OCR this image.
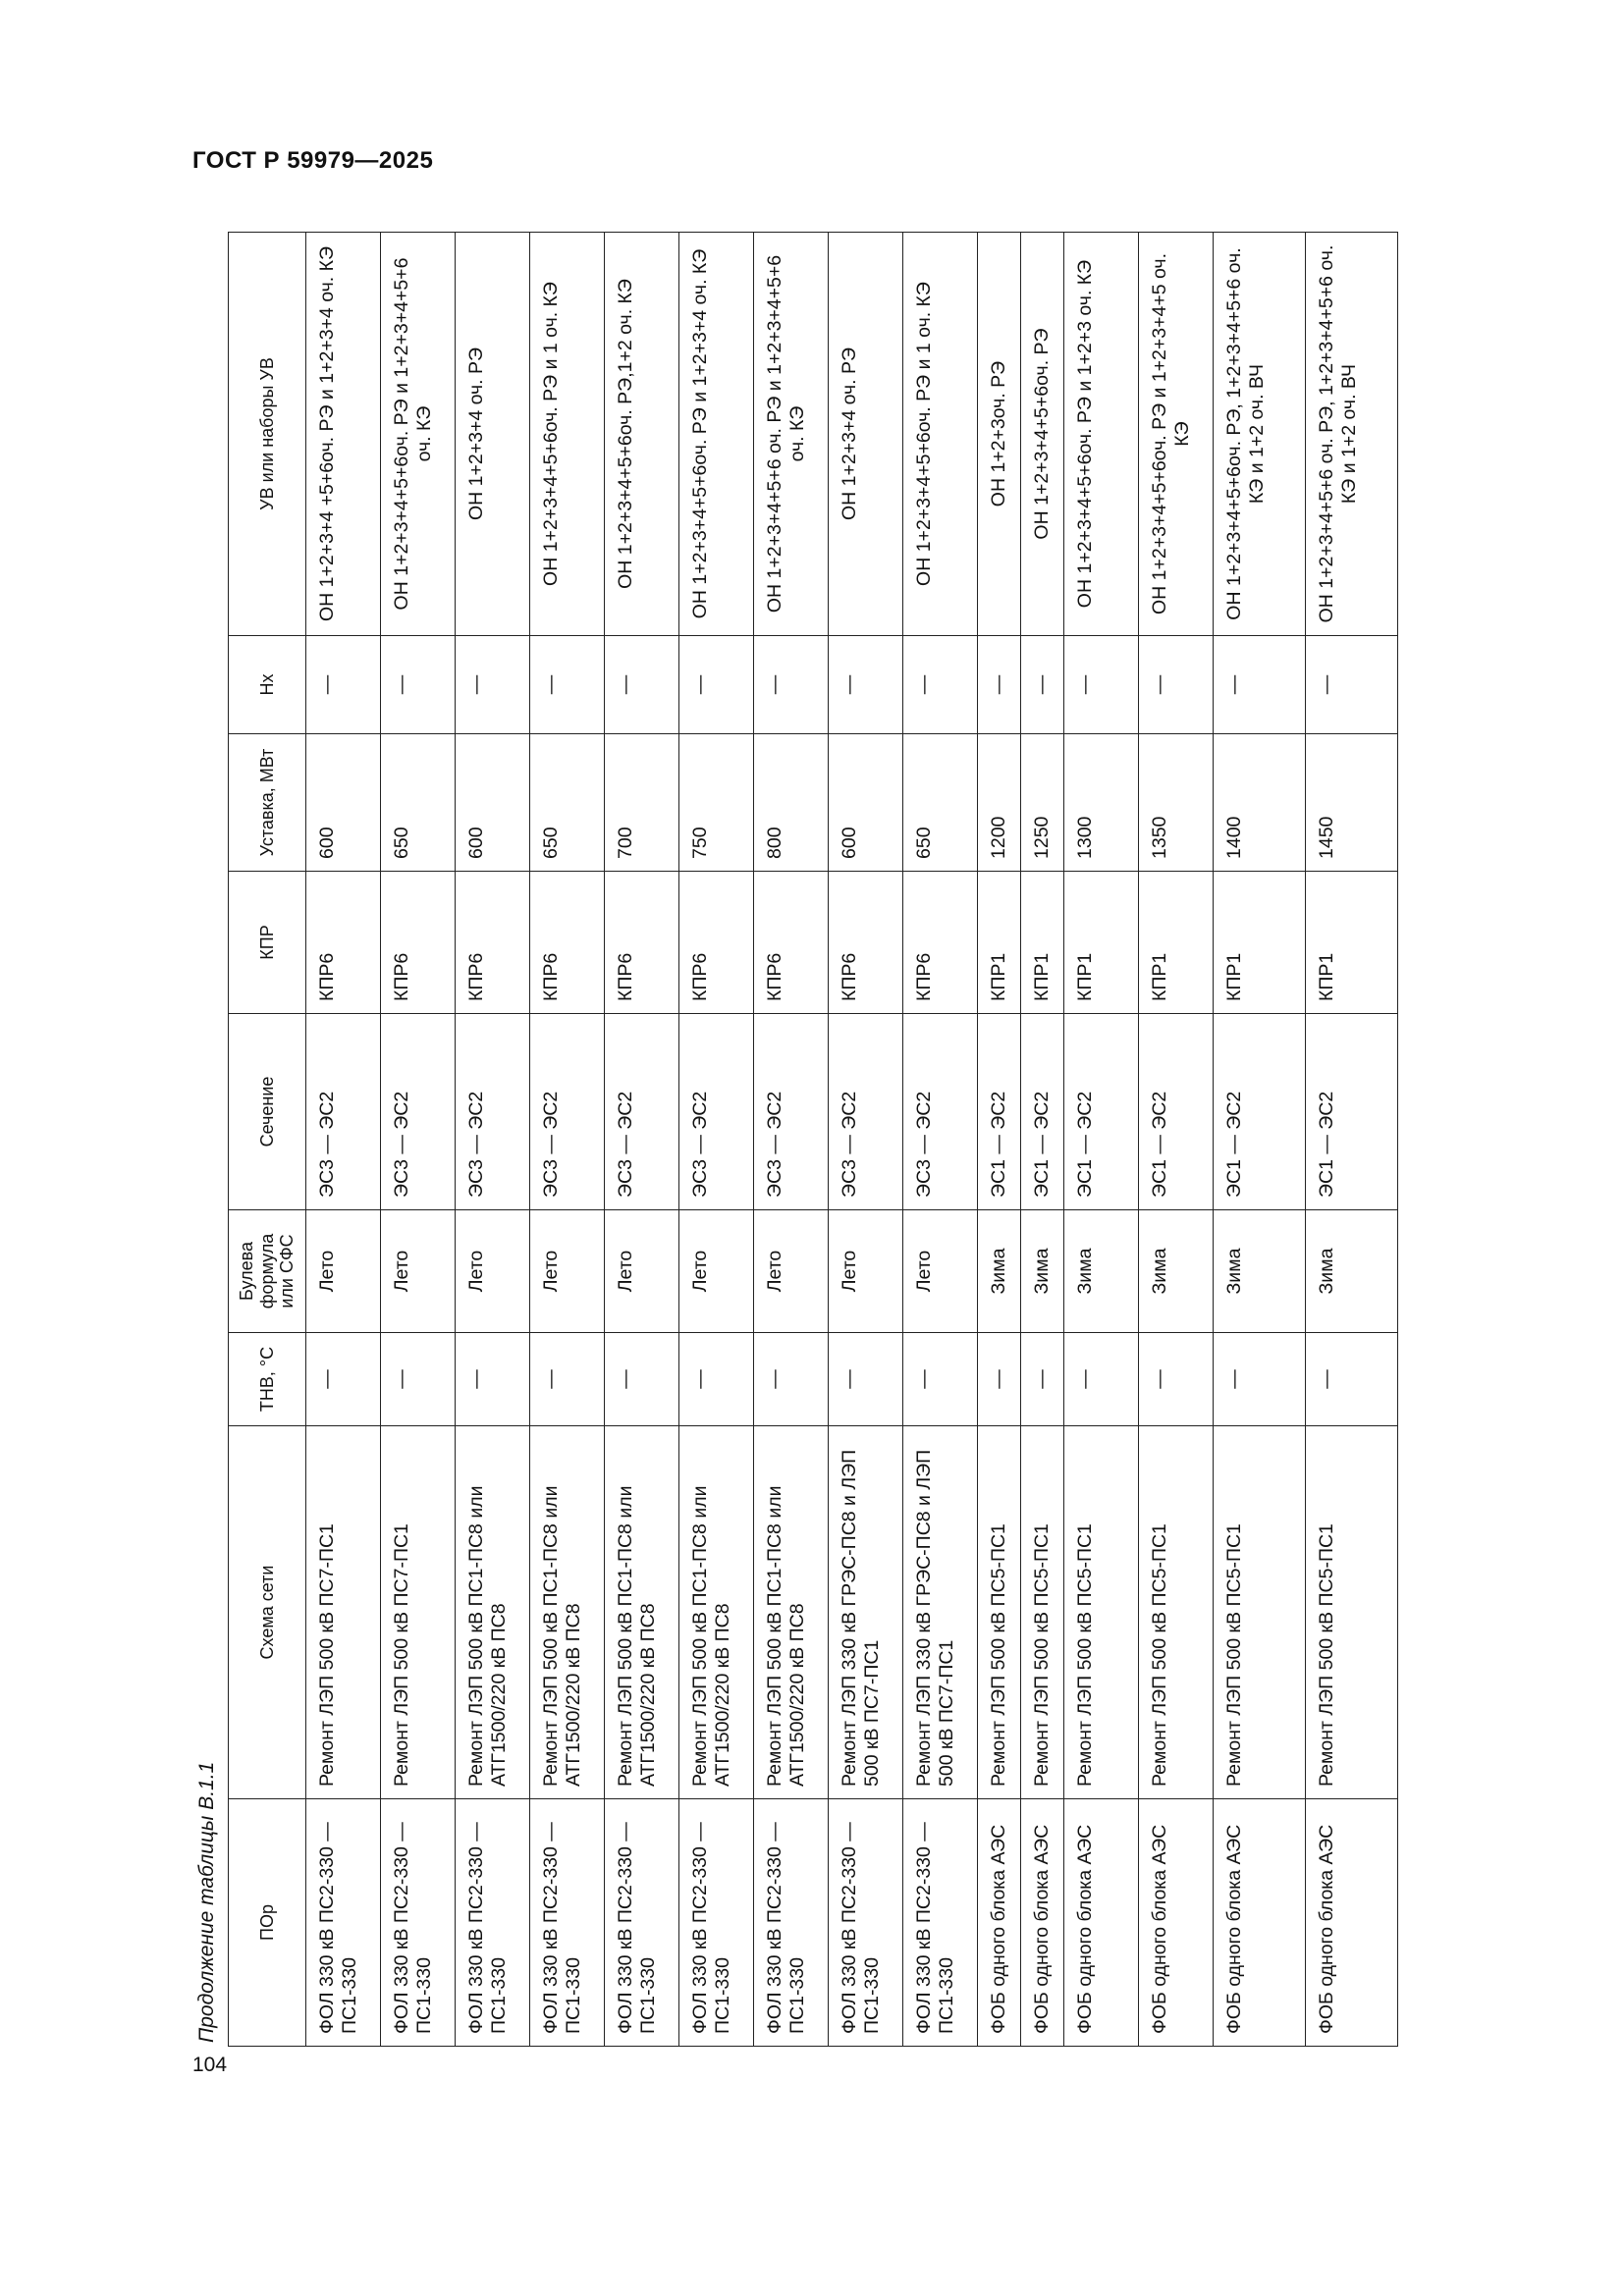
ГОСТ Р 59979—2025
Продолжение таблицы В.1.1	ПОр	Схема сети	ТНВ, °С	Булева формула или СФС	Сечение	КПР	Уставка, МВт	Нх	УВ или наборы УВ
ФОЛ 330 кВ ПС2-330 — ПС1-330	Ремонт ЛЭП 500 кВ ПС7-ПС1	—	Лето	ЭС3 — ЭС2	КПР6	600	—	ОН 1+2+3+4 +5+6оч. РЭ и 1+2+3+4 оч. КЭ
ФОЛ 330 кВ ПС2-330 — ПС1-330	Ремонт ЛЭП 500 кВ ПС7-ПС1	—	Лето	ЭС3 — ЭС2	КПР6	650	—	ОН 1+2+3+4+5+6оч. РЭ и 1+2+3+4+5+6 оч. КЭ
ФОЛ 330 кВ ПС2-330 — ПС1-330	Ремонт ЛЭП 500 кВ ПС1-ПС8 или АТГ1500/220 кВ ПС8	—	Лето	ЭС3 — ЭС2	КПР6	600	—	ОН 1+2+3+4 оч. РЭ
ФОЛ 330 кВ ПС2-330 — ПС1-330	Ремонт ЛЭП 500 кВ ПС1-ПС8 или АТГ1500/220 кВ ПС8	—	Лето	ЭС3 — ЭС2	КПР6	650	—	ОН 1+2+3+4+5+6оч. РЭ и 1 оч. КЭ
ФОЛ 330 кВ ПС2-330 — ПС1-330	Ремонт ЛЭП 500 кВ ПС1-ПС8 или АТГ1500/220 кВ ПС8	—	Лето	ЭС3 — ЭС2	КПР6	700	—	ОН 1+2+3+4+5+6оч. РЭ,1+2 оч. КЭ
ФОЛ 330 кВ ПС2-330 — ПС1-330	Ремонт ЛЭП 500 кВ ПС1-ПС8 или АТГ1500/220 кВ ПС8	—	Лето	ЭС3 — ЭС2	КПР6	750	—	ОН 1+2+3+4+5+6оч. РЭ и 1+2+3+4 оч. КЭ
ФОЛ 330 кВ ПС2-330 — ПС1-330	Ремонт ЛЭП 500 кВ ПС1-ПС8 или АТГ1500/220 кВ ПС8	—	Лето	ЭС3 — ЭС2	КПР6	800	—	ОН 1+2+3+4+5+6 оч. РЭ и 1+2+3+4+5+6 оч. КЭ
ФОЛ 330 кВ ПС2-330 — ПС1-330	Ремонт ЛЭП 330 кВ ГРЭС-ПС8 и ЛЭП 500 кВ ПС7-ПС1	—	Лето	ЭС3 — ЭС2	КПР6	600	—	ОН 1+2+3+4 оч. РЭ
ФОЛ 330 кВ ПС2-330 — ПС1-330	Ремонт ЛЭП 330 кВ ГРЭС-ПС8 и ЛЭП 500 кВ ПС7-ПС1	—	Лето	ЭС3 — ЭС2	КПР6	650	—	ОН 1+2+3+4+5+6оч. РЭ и 1 оч. КЭ
ФОБ одного блока АЭС	Ремонт ЛЭП 500 кВ ПС5-ПС1	—	Зима	ЭС1 — ЭС2	КПР1	1200	—	ОН 1+2+3оч. РЭ
ФОБ одного блока АЭС	Ремонт ЛЭП 500 кВ ПС5-ПС1	—	Зима	ЭС1 — ЭС2	КПР1	1250	—	ОН 1+2+3+4+5+6оч. РЭ
ФОБ одного блока АЭС	Ремонт ЛЭП 500 кВ ПС5-ПС1	—	Зима	ЭС1 — ЭС2	КПР1	1300	—	ОН 1+2+3+4+5+6оч. РЭ и 1+2+3 оч. КЭ
ФОБ одного блока АЭС	Ремонт ЛЭП 500 кВ ПС5-ПС1	—	Зима	ЭС1 — ЭС2	КПР1	1350	—	ОН 1+2+3+4+5+6оч. РЭ и 1+2+3+4+5 оч. КЭ
ФОБ одного блока АЭС	Ремонт ЛЭП 500 кВ ПС5-ПС1	—	Зима	ЭС1 — ЭС2	КПР1	1400	—	ОН 1+2+3+4+5+6оч. РЭ, 1+2+3+4+5+6 оч. КЭ и 1+2 оч. ВЧ
ФОБ одного блока АЭС	Ремонт ЛЭП 500 кВ ПС5-ПС1	—	Зима	ЭС1 — ЭС2	КПР1	1450	—	ОН 1+2+3+4+5+6 оч. РЭ, 1+2+3+4+5+6 оч. КЭ и 1+2 оч. ВЧ
104
